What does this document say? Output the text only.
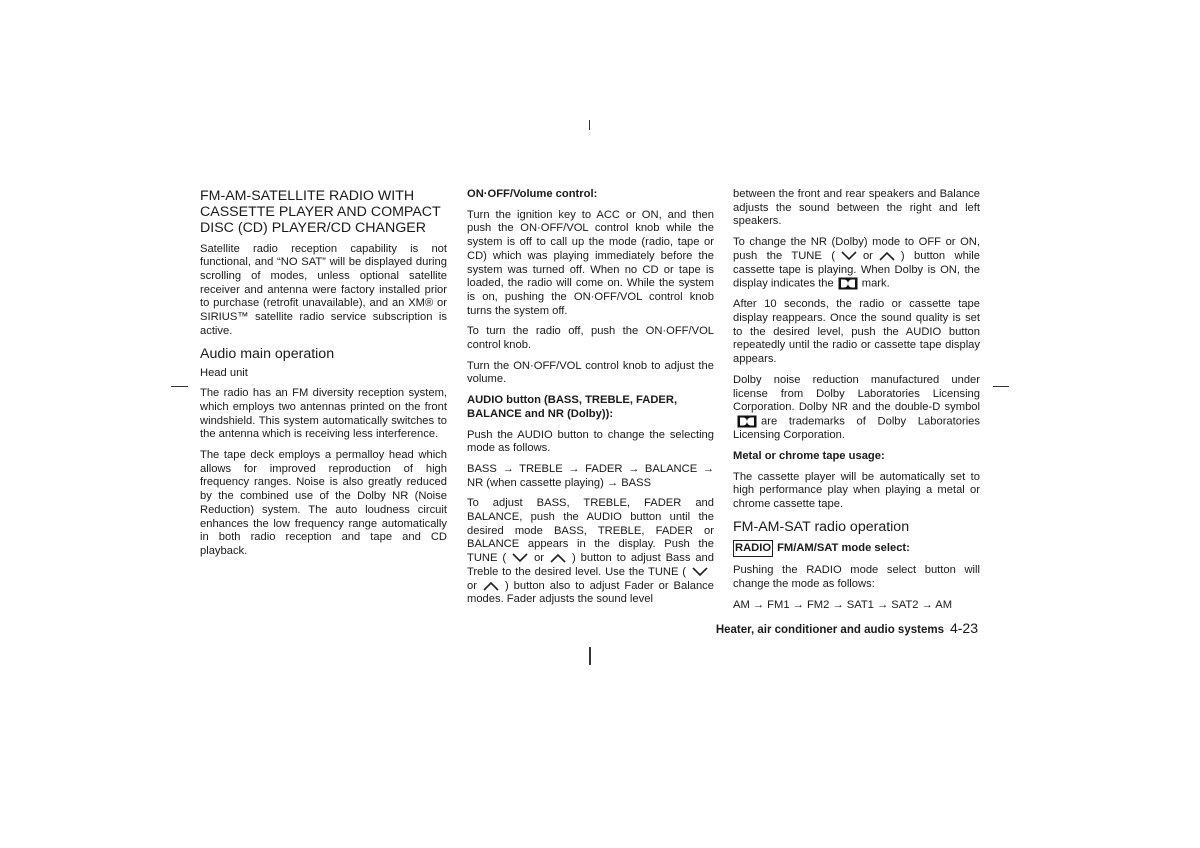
FM-AM-SATELLITE RADIO WITH CASSETTE PLAYER AND COMPACT DISC (CD) PLAYER/CD CHANGER

Satellite radio reception capability is not functional, and “NO SAT” will be displayed during scrolling of modes, unless optional satellite receiver and antenna were factory installed prior to purchase (retrofit unavailable), and an XM® or SIRIUS™ satellite radio service subscription is active.

Audio main operation
Head unit

The radio has an FM diversity reception system, which employs two antennas printed on the front windshield. This system automatically switches to the antenna which is receiving less interference.

The tape deck employs a permalloy head which allows for improved reproduction of high frequency ranges. Noise is also greatly reduced by the combined use of the Dolby NR (Noise Reduction) system. The auto loudness circuit enhances the low frequency range automatically in both radio reception and tape and CD playback.

ON·OFF/Volume control:

Turn the ignition key to ACC or ON, and then push the ON·OFF/VOL control knob while the system is off to call up the mode (radio, tape or CD) which was playing immediately before the system was turned off. When no CD or tape is loaded, the radio will come on. While the system is on, pushing the ON·OFF/VOL control knob turns the system off.

To turn the radio off, push the ON·OFF/VOL control knob.

Turn the ON·OFF/VOL control knob to adjust the volume.

AUDIO button (BASS, TREBLE, FADER, BALANCE and NR (Dolby)):

Push the AUDIO button to change the selecting mode as follows.

BASS → TREBLE → FADER → BALANCE → NR (when cassette playing) → BASS

To adjust BASS, TREBLE, FADER and BALANCE, push the AUDIO button until the desired mode BASS, TREBLE, FADER or BALANCE appears in the display. Push the TUNE (	or	) button to adjust Bass and Treble to the desired level. Use the TUNE (or	) button also to adjust Fader or Balance modes. Fader adjusts the sound level

between the front and rear speakers and Balance adjusts the sound between the right and left speakers.

To change the NR (Dolby) mode to OFF or ON, push the TUNE (	or	) button while cassette tape is playing. When Dolby is ON, the display indicates the	mark.

After 10 seconds, the radio or cassette tape display reappears. Once the sound quality is set to the desired level, push the AUDIO button repeatedly until the radio or cassette tape display appears.

Dolby noise reduction manufactured under license from Dolby Laboratories Licensing Corporation. Dolby NR and the double-D symbolare trademarks of Dolby Laboratories Licensing Corporation.

Metal or chrome tape usage:

The cassette player will be automatically set to high performance play when playing a metal or chrome cassette tape.

FM-AM-SAT radio operation
RADIO FM/AM/SAT mode select:

Pushing the RADIO mode select button will change the mode as follows:

AM → FM1 → FM2 → SAT1 → SAT2 → AM

Heater, air conditioner and audio systems 4-23
